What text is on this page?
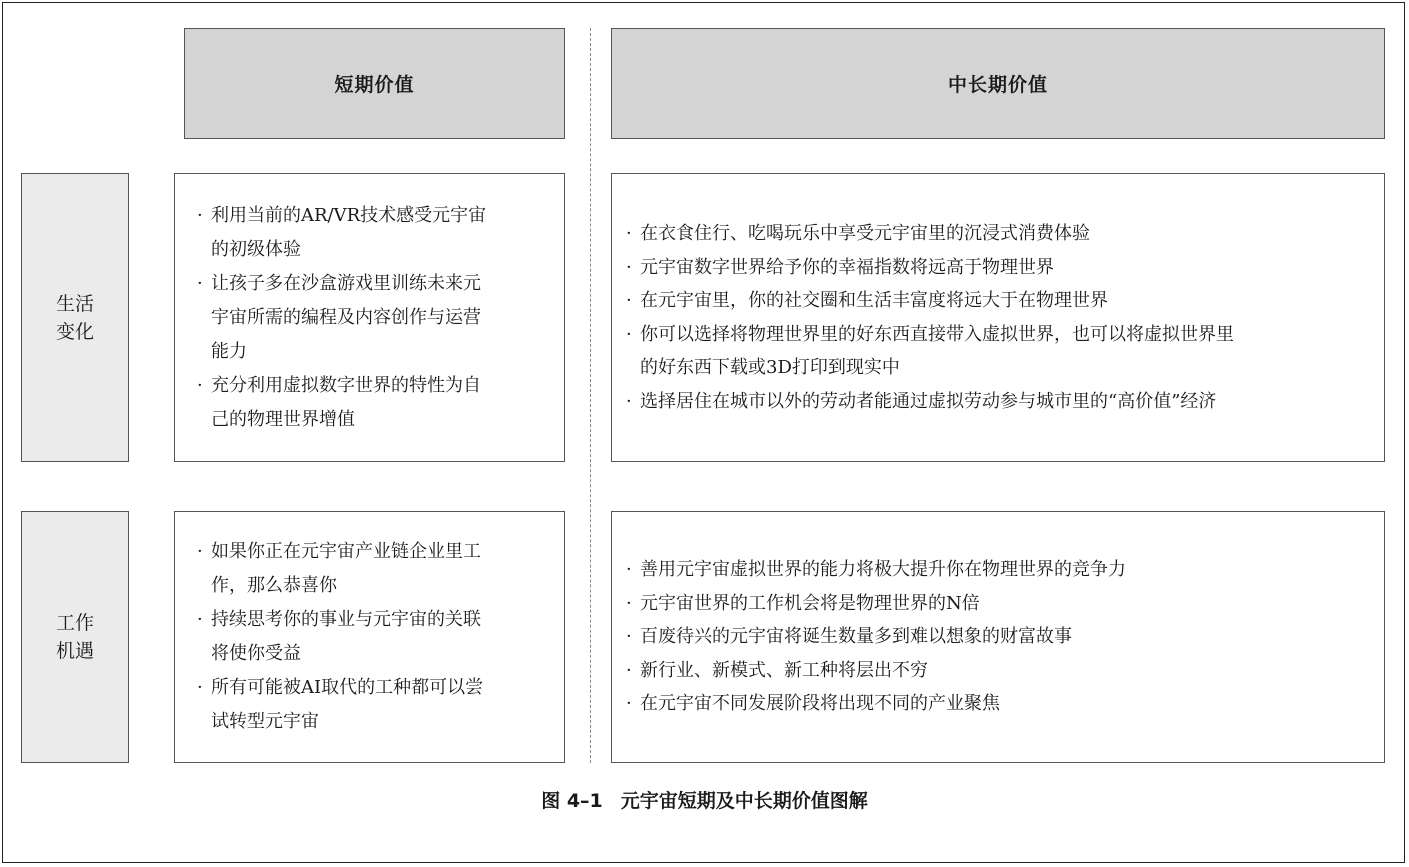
短期价值	中长期价值
生活
变化
· 利用当前的AR/VR技术感受元宇宙
的初级体验
· 让孩子多在沙盒游戏里训练未来元
宇宙所需的编程及内容创作与运营
能力
· 充分利用虚拟数字世界的特性为自
己的物理世界增值
· 在衣食住行、吃喝玩乐中享受元宇宙里的沉浸式消费体验
· 元宇宙数字世界给予你的幸福指数将远高于物理世界
· 在元宇宙里，你的社交圈和生活丰富度将远大于在物理世界
· 你可以选择将物理世界里的好东西直接带入虚拟世界，也可以将虚拟世界里
的好东西下载或3D打印到现实中
· 选择居住在城市以外的劳动者能通过虚拟劳动参与城市里的“高价值”经济
工作
机遇
· 如果你正在元宇宙产业链企业里工
作，那么恭喜你
· 持续思考你的事业与元宇宙的关联
将使你受益
· 所有可能被AI取代的工种都可以尝
试转型元宇宙
· 善用元宇宙虚拟世界的能力将极大提升你在物理世界的竞争力
· 元宇宙世界的工作机会将是物理世界的N倍
· 百废待兴的元宇宙将诞生数量多到难以想象的财富故事
· 新行业、新模式、新工种将层出不穷
· 在元宇宙不同发展阶段将出现不同的产业聚焦
图 4–1 元宇宙短期及中长期价值图解
